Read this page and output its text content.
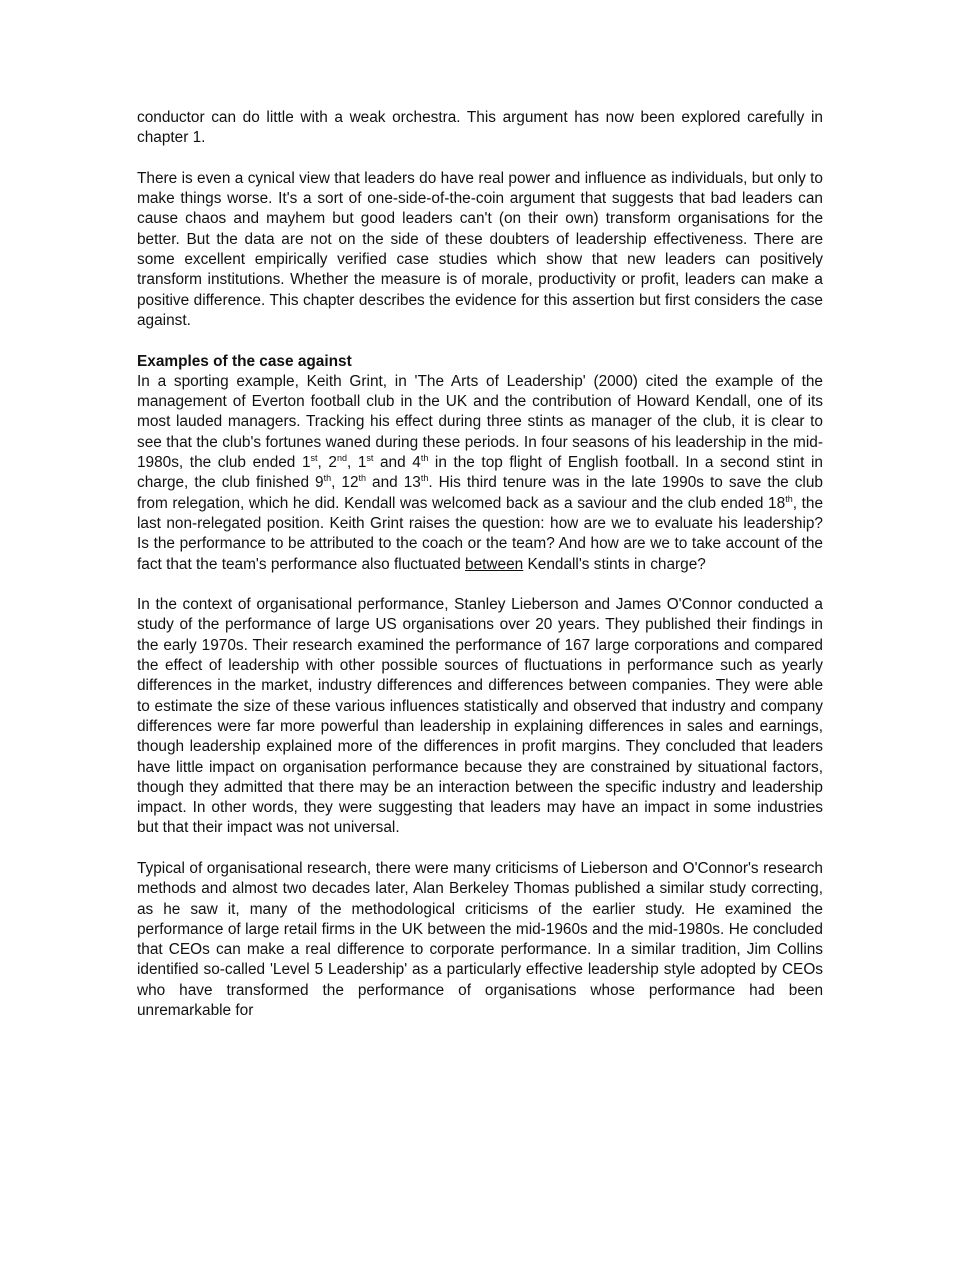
conductor can do little with a weak orchestra. This argument has now been explored carefully in chapter 1.

There is even a cynical view that leaders do have real power and influence as individuals, but only to make things worse. It's a sort of one-side-of-the-coin argument that suggests that bad leaders can cause chaos and mayhem but good leaders can't (on their own) transform organisations for the better. But the data are not on the side of these doubters of leadership effectiveness. There are some excellent empirically verified case studies which show that new leaders can positively transform institutions. Whether the measure is of morale, productivity or profit, leaders can make a positive difference. This chapter describes the evidence for this assertion but first considers the case against.

Examples of the case against

In a sporting example, Keith Grint, in 'The Arts of Leadership' (2000) cited the example of the management of Everton football club in the UK and the contribution of Howard Kendall, one of its most lauded managers. Tracking his effect during three stints as manager of the club, it is clear to see that the club's fortunes waned during these periods. In four seasons of his leadership in the mid-1980s, the club ended 1st, 2nd, 1st and 4th in the top flight of English football. In a second stint in charge, the club finished 9th, 12th and 13th. His third tenure was in the late 1990s to save the club from relegation, which he did. Kendall was welcomed back as a saviour and the club ended 18th, the last non-relegated position. Keith Grint raises the question: how are we to evaluate his leadership? Is the performance to be attributed to the coach or the team? And how are we to take account of the fact that the team's performance also fluctuated between Kendall's stints in charge?

In the context of organisational performance, Stanley Lieberson and James O'Connor conducted a study of the performance of large US organisations over 20 years. They published their findings in the early 1970s. Their research examined the performance of 167 large corporations and compared the effect of leadership with other possible sources of fluctuations in performance such as yearly differences in the market, industry differences and differences between companies. They were able to estimate the size of these various influences statistically and observed that industry and company differences were far more powerful than leadership in explaining differences in sales and earnings, though leadership explained more of the differences in profit margins. They concluded that leaders have little impact on organisation performance because they are constrained by situational factors, though they admitted that there may be an interaction between the specific industry and leadership impact. In other words, they were suggesting that leaders may have an impact in some industries but that their impact was not universal.

Typical of organisational research, there were many criticisms of Lieberson and O'Connor's research methods and almost two decades later, Alan Berkeley Thomas published a similar study correcting, as he saw it, many of the methodological criticisms of the earlier study. He examined the performance of large retail firms in the UK between the mid-1960s and the mid-1980s. He concluded that CEOs can make a real difference to corporate performance. In a similar tradition, Jim Collins identified so-called 'Level 5 Leadership' as a particularly effective leadership style adopted by CEOs who have transformed the performance of organisations whose performance had been unremarkable for
